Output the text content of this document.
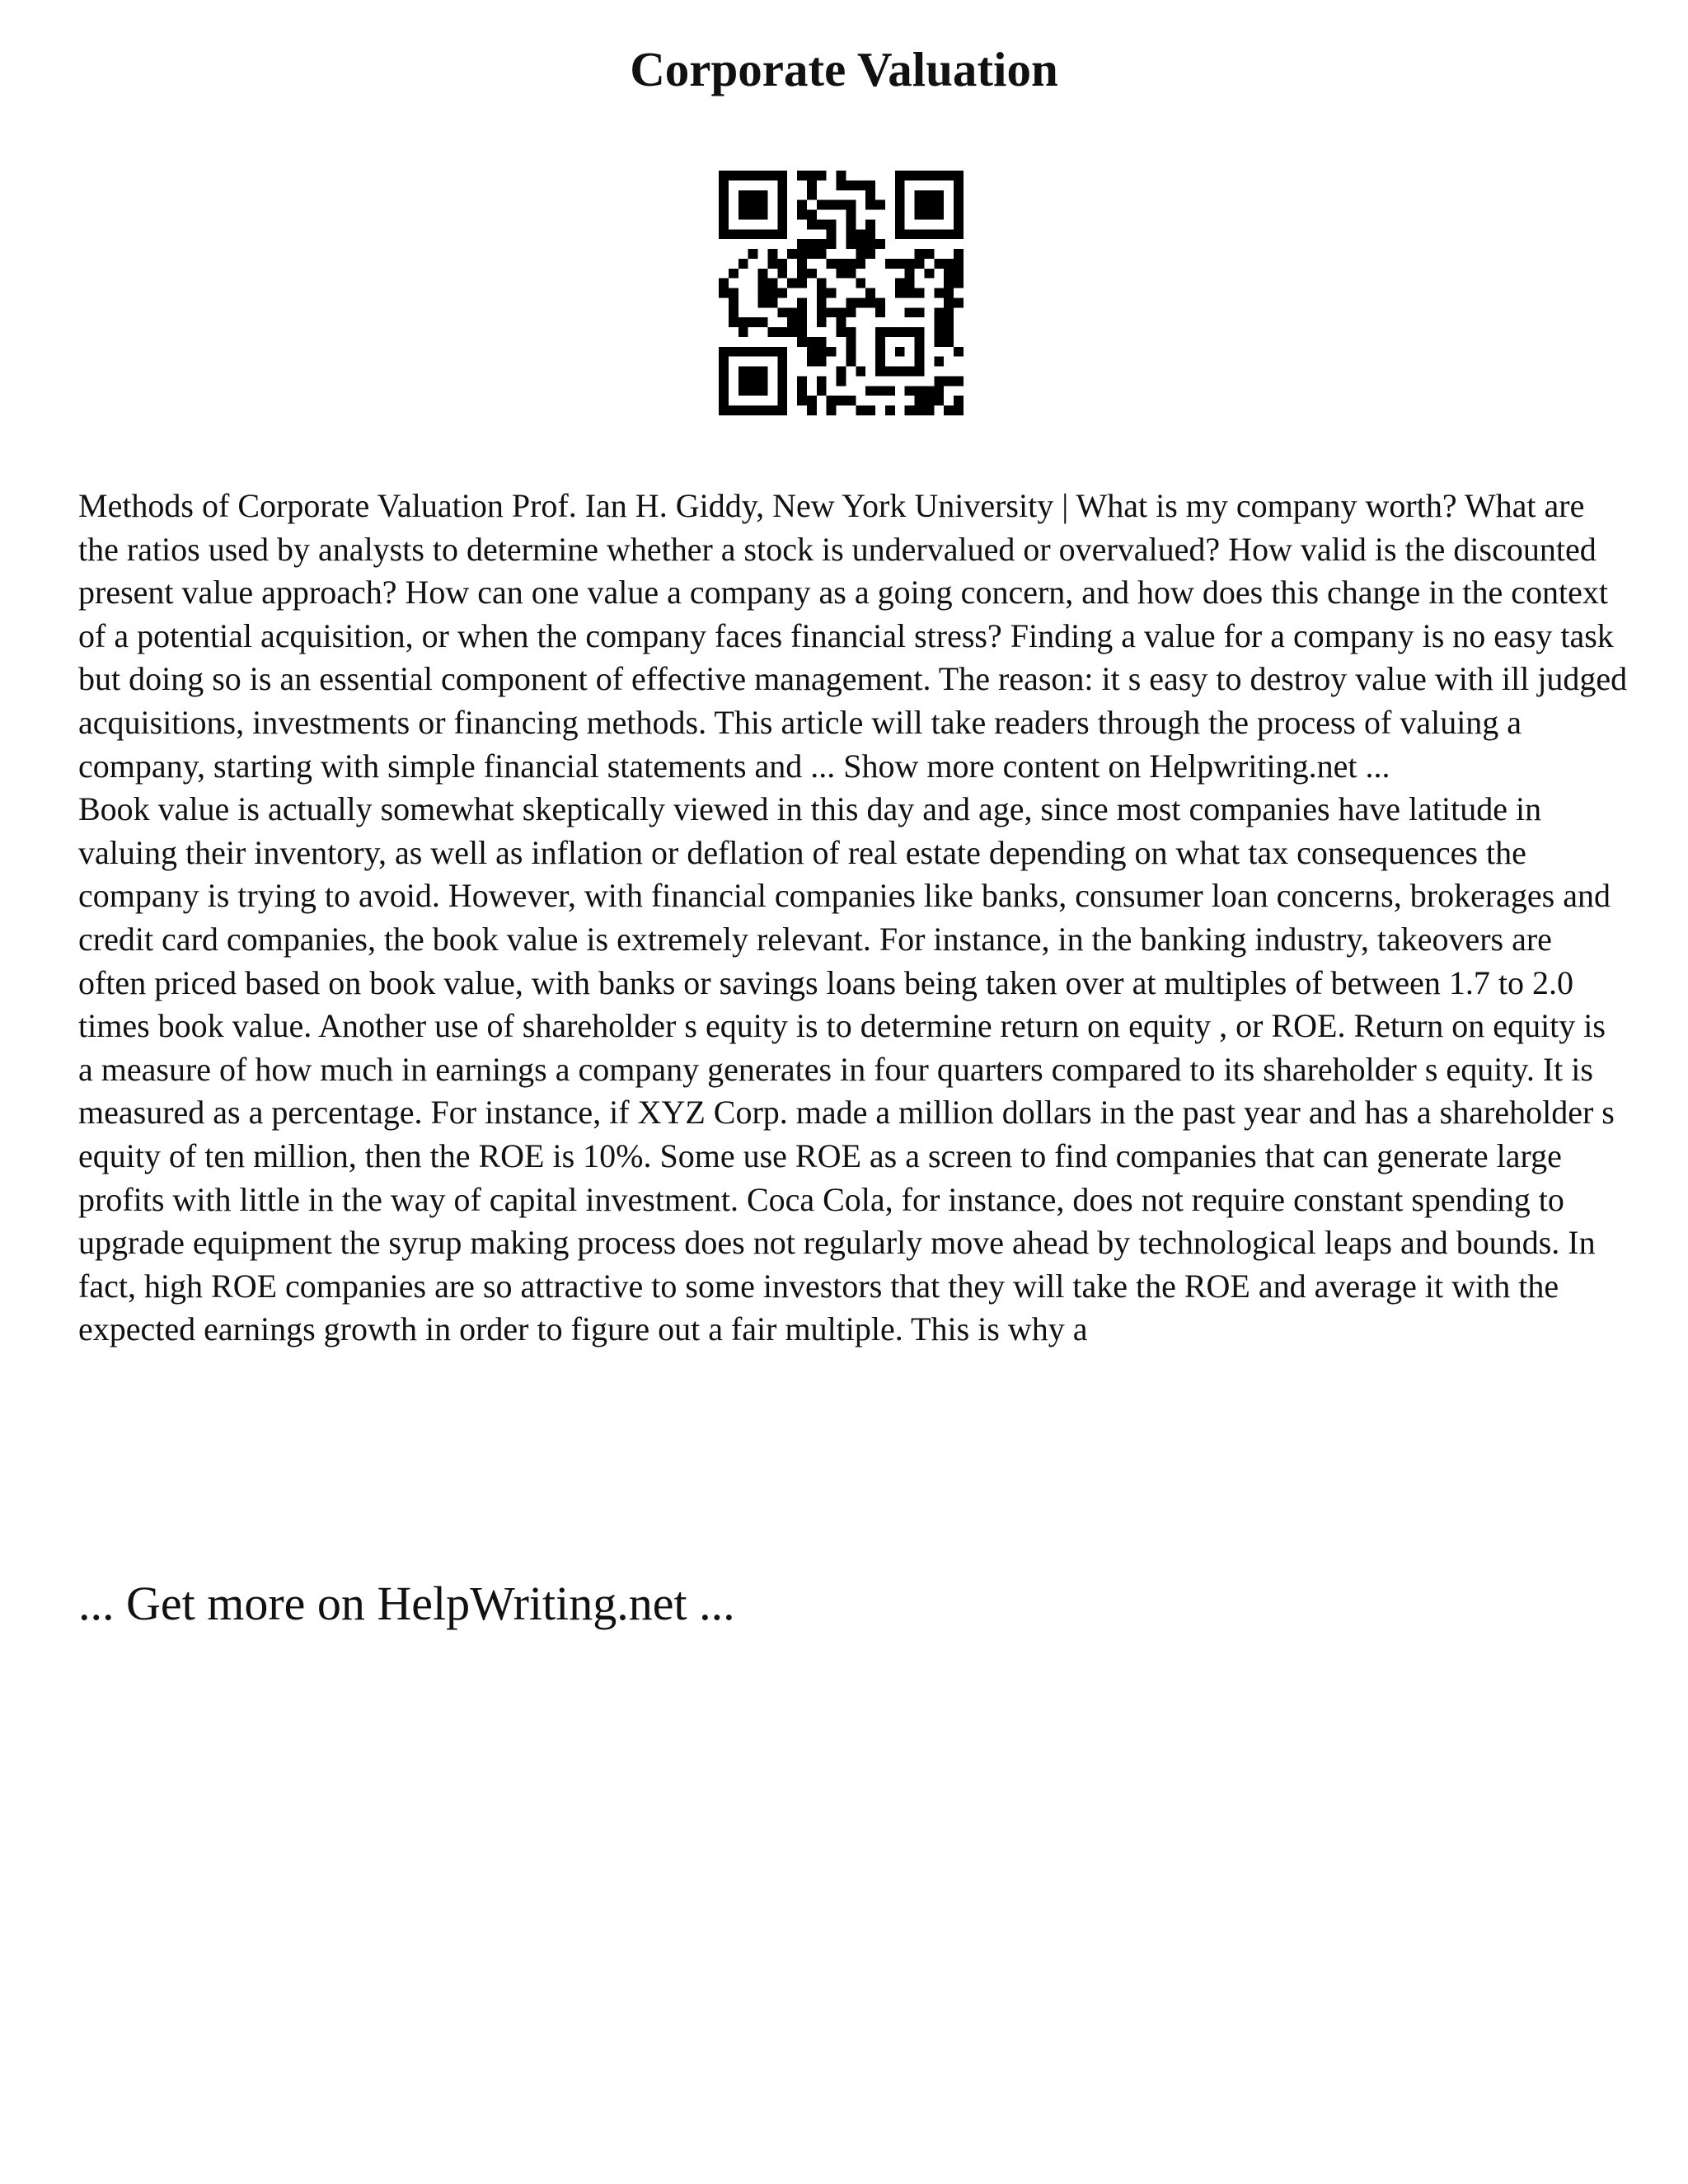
Corporate Valuation

Methods of Corporate Valuation Prof. Ian H. Giddy, New York University | What is my company worth? What are the ratios used by analysts to determine whether a stock is undervalued or overvalued? How valid is the discounted present value approach? How can one value a company as a going concern, and how does this change in the context of a potential acquisition, or when the company faces financial stress? Finding a value for a company is no easy task but doing so is an essential component of effective management. The reason: it s easy to destroy value with ill judged acquisitions, investments or financing methods. This article will take readers through the process of valuing a company, starting with simple financial statements and ... Show more content on Helpwriting.net ...

Book value is actually somewhat skeptically viewed in this day and age, since most companies have latitude in valuing their inventory, as well as inflation or deflation of real estate depending on what tax consequences the company is trying to avoid. However, with financial companies like banks, consumer loan concerns, brokerages and credit card companies, the book value is extremely relevant. For instance, in the banking industry, takeovers are often priced based on book value, with banks or savings loans being taken over at multiples of between 1.7 to 2.0 times book value. Another use of shareholder s equity is to determine return on equity , or ROE. Return on equity is a measure of how much in earnings a company generates in four quarters compared to its shareholder s equity. It is measured as a percentage. For instance, if XYZ Corp. made a million dollars in the past year and has a shareholder s equity of ten million, then the ROE is 10%. Some use ROE as a screen to find companies that can generate large profits with little in the way of capital investment. Coca Cola, for instance, does not require constant spending to upgrade equipment the syrup making process does not regularly move ahead by technological leaps and bounds. In fact, high ROE companies are so attractive to some investors that they will take the ROE and average it with the expected earnings growth in order to figure out a fair multiple. This is why a

... Get more on HelpWriting.net ...
